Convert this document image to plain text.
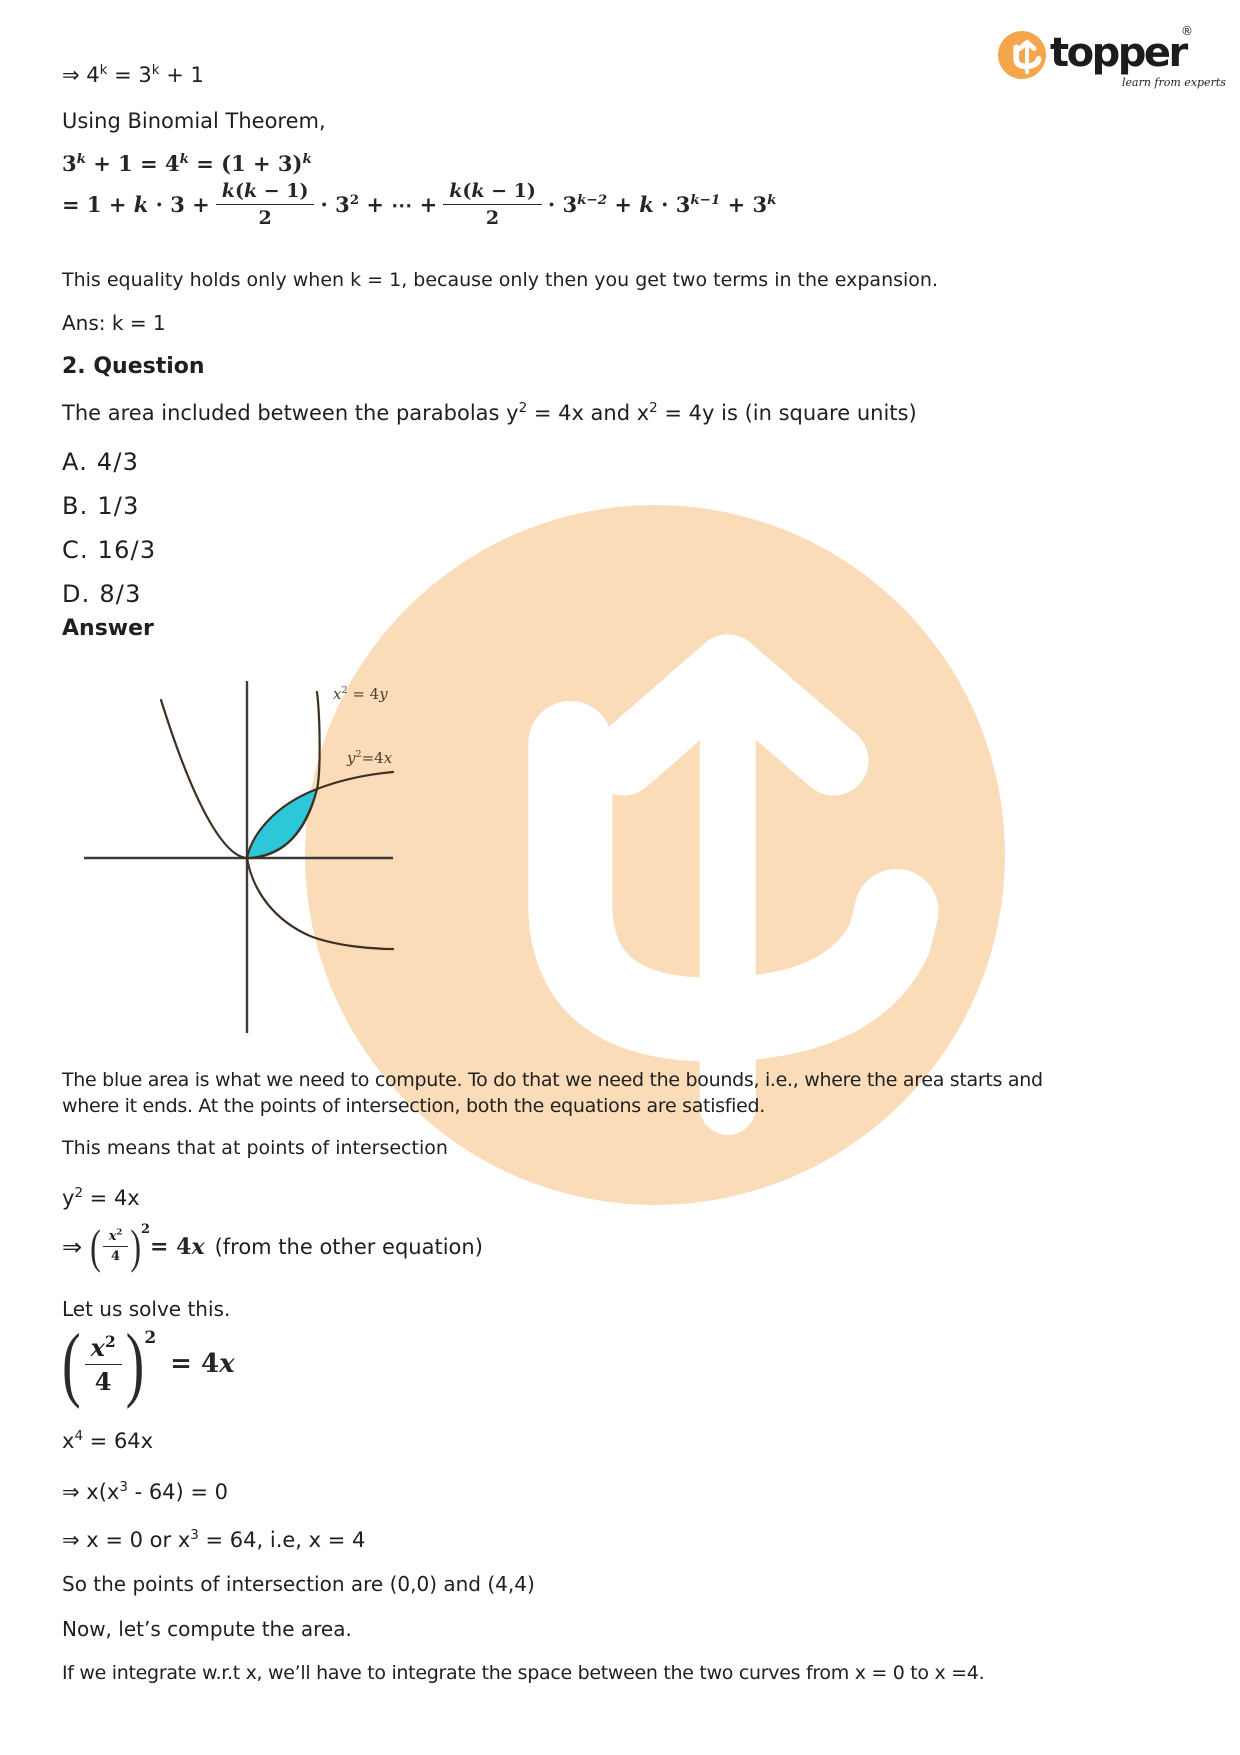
topper
®
learn from experts
⇒ $4^k = 3^k + 1$
Using Binomial Theorem,
$3^k + 1 = 4^k = (1 + 3)^k$
= $1 + k \cdot 3 + \frac{k(k - 1)}{2} \cdot 3^2$ + ⋯ + $\frac{k(k - 1)}{2} \cdot 3^{k-2} + k \cdot 3^{k-1} + 3^k$
This equality holds only when k = 1, because only then you get two terms in the expansion.
Ans: k = 1
2. Question
The area included between the parabolas $y^2 = 4x$ and $x^2 = 4y$ is (in square units)
A. 4/3
B. 1/3
C. 16/3
D. 8/3
Answer
$x^2 = 4y$
$y^2=4x$
The blue area is what we need to compute. To do that we need the bounds, i.e., where the area starts and
where it ends. At the points of intersection, both the equations are satisfied.
This means that at points of intersection
$y^2 = 4x$
⇒ ( $\frac{x^2}{4}$ ) 2
= 4x (from the other equation)
Let us solve this.
( $\frac{x^2}{4}$ ) 2
= 4x
$x^4 = 64x$
⇒ $x(x^3 - 64) = 0$
⇒ x = 0 or $x^3 = 64$, i.e, x = 4
So the points of intersection are (0,0) and (4,4)
Now, let’s compute the area.
If we integrate w.r.t x, we’ll have to integrate the space between the two curves from x = 0 to x =4.
